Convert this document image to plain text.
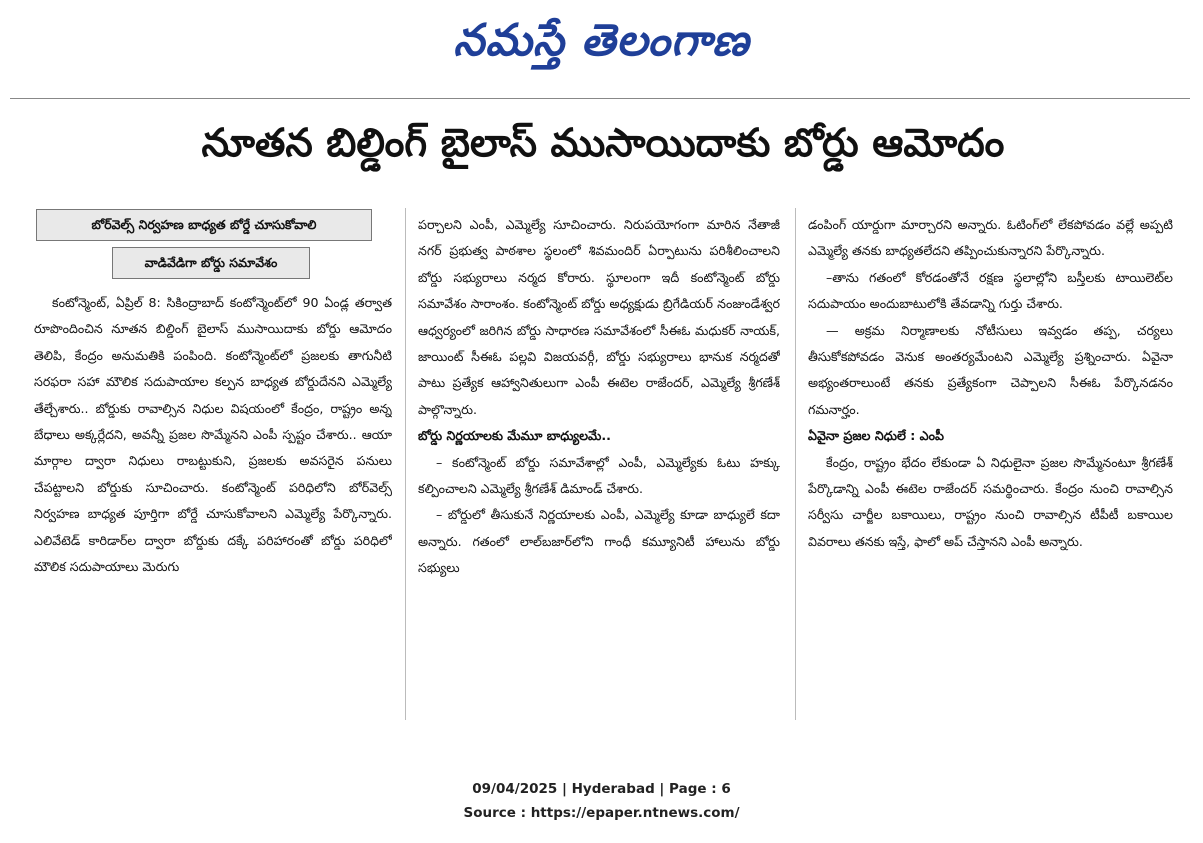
నమస్తే తెలంగాణ
నూతన బిల్డింగ్ బైలాస్ ముసాయిదాకు బోర్డు ఆమోదం
బోర్‌వెల్స్ నిర్వహణ బాధ్యత బోర్డే చూసుకోవాలి
వాడివేడిగా బోర్డు సమావేశం

కంటోన్మెంట్, ఏప్రిల్ 8: సికింద్రాబాద్ కంటోన్మెంట్‌లో 90 ఏండ్ల తర్వాత రూపొందించిన నూతన బిల్డింగ్ బైలాస్ ముసాయిదాకు బోర్డు ఆమోదం తెలిపి, కేంద్రం అనుమతికి పంపింది. కంటోన్మెంట్‌లో ప్రజలకు తాగునీటి సరఫరా సహా మౌలిక సదుపాయాల కల్పన బాధ్యత బోర్డుదేనని ఎమ్మెల్యే తేల్చేశారు.. బోర్డుకు రావాల్సిన నిధుల విషయంలో కేంద్రం, రాష్ట్రం అన్న బేధాలు అక్కర్లేదని, అవన్నీ ప్రజల సొమ్మేనని ఎంపీ స్పష్టం చేశారు.. ఆయా మార్గాల ద్వారా నిధులు రాబట్టుకుని, ప్రజలకు అవసరైన పనులు చేపట్టాలని బోర్డుకు సూచించారు. కంటోన్మెంట్ పరిధిలోని బోర్‌వెల్స్ నిర్వహణ బాధ్యత పూర్తిగా బోర్డే చూసుకోవాలని ఎమ్మెల్యే పేర్కొన్నారు. ఎలివేటెడ్ కారిడార్‌ల ద్వారా బోర్డుకు దక్కే పరిహారంతో బోర్డు పరిధిలో మౌలిక సదుపాయాలు మెరుగు

పర్చాలని ఎంపీ, ఎమ్మెల్యే సూచించారు. నిరుపయోగంగా మారిన నేతాజీ నగర్ ప్రభుత్వ పాఠశాల స్థలంలో శివమందిర్ ఏర్పాటును పరిశీలించాలని బోర్డు సభ్యురాలు నర్మద కోరారు. స్థూలంగా ఇదీ కంటోన్మెంట్ బోర్డు సమావేశం సారాంశం. కంటోన్మెంట్ బోర్డు అధ్యక్షుడు బ్రిగేడియర్ నంజుండేశ్వర ఆధ్వర్యంలో జరిగిన బోర్డు సాధారణ సమావేశంలో సీఈఓ మధుకర్ నాయక్, జాయింట్ సీఈఓ పల్లవి విజయవర్గీ, బోర్డు సభ్యురాలు భానుక నర్మదతో పాటు ప్రత్యేక ఆహ్వానితులుగా ఎంపీ ఈటెల రాజేందర్, ఎమ్మెల్యే శ్రీగణేశ్ పాల్గొన్నారు.

బోర్డు నిర్ణయాలకు మేమూ బాధ్యులమే..

– కంటోన్మెంట్ బోర్డు సమావేశాల్లో ఎంపీ, ఎమ్మెల్యేకు ఓటు హక్కు కల్పించాలని ఎమ్మెల్యే శ్రీగణేశ్ డిమాండ్ చేశారు.

– బోర్డులో తీసుకునే నిర్ణయాలకు ఎంపీ, ఎమ్మెల్యే కూడా బాధ్యులే కదా అన్నారు. గతంలో లాల్‌బజార్‌లోని గాంధీ కమ్యూనిటీ హాలును బోర్డు సభ్యులు

డంపింగ్ యార్డుగా మార్చారని అన్నారు. ఓటింగ్‌లో లేకపోవడం వల్లే అప్పటి ఎమ్మెల్యే తనకు బాధ్యతలేదని తప్పించుకున్నారని పేర్కొన్నారు.

–తాను గతంలో కోరడంతోనే రక్షణ స్థలాల్లోని బస్తీలకు టాయిలెట్‌ల సదుపాయం అందుబాటులోకి తేవడాన్ని గుర్తు చేశారు.

— అక్రమ నిర్మాణాలకు నోటీసులు ఇవ్వడం తప్ప, చర్యలు తీసుకోకపోవడం వెనుక అంతర్యమేంటని ఎమ్మెల్యే ప్రశ్నించారు. ఏవైనా అభ్యంతరాలుంటే తనకు ప్రత్యేకంగా చెప్పాలని సీఈఓ పేర్కొనడనం గమనార్హం.

ఏవైనా ప్రజల నిధులే : ఎంపీ

కేంద్రం, రాష్ట్రం భేదం లేకుండా ఏ నిధులైనా ప్రజల సొమ్మేనంటూ శ్రీగణేశ్ పేర్కొడాన్ని ఎంపీ ఈటెల రాజేందర్ సమర్థించారు. కేంద్రం నుంచి రావాల్సిన సర్వీసు చార్జీల బకాయిలు, రాష్ట్రం నుంచి రావాల్సిన టీపీటీ బకాయిల వివరాలు తనకు ఇస్తే, ఫాలో అప్ చేస్తానని ఎంపీ అన్నారు.

09/04/2025 | Hyderabad | Page : 6
Source : https://epaper.ntnews.com/
